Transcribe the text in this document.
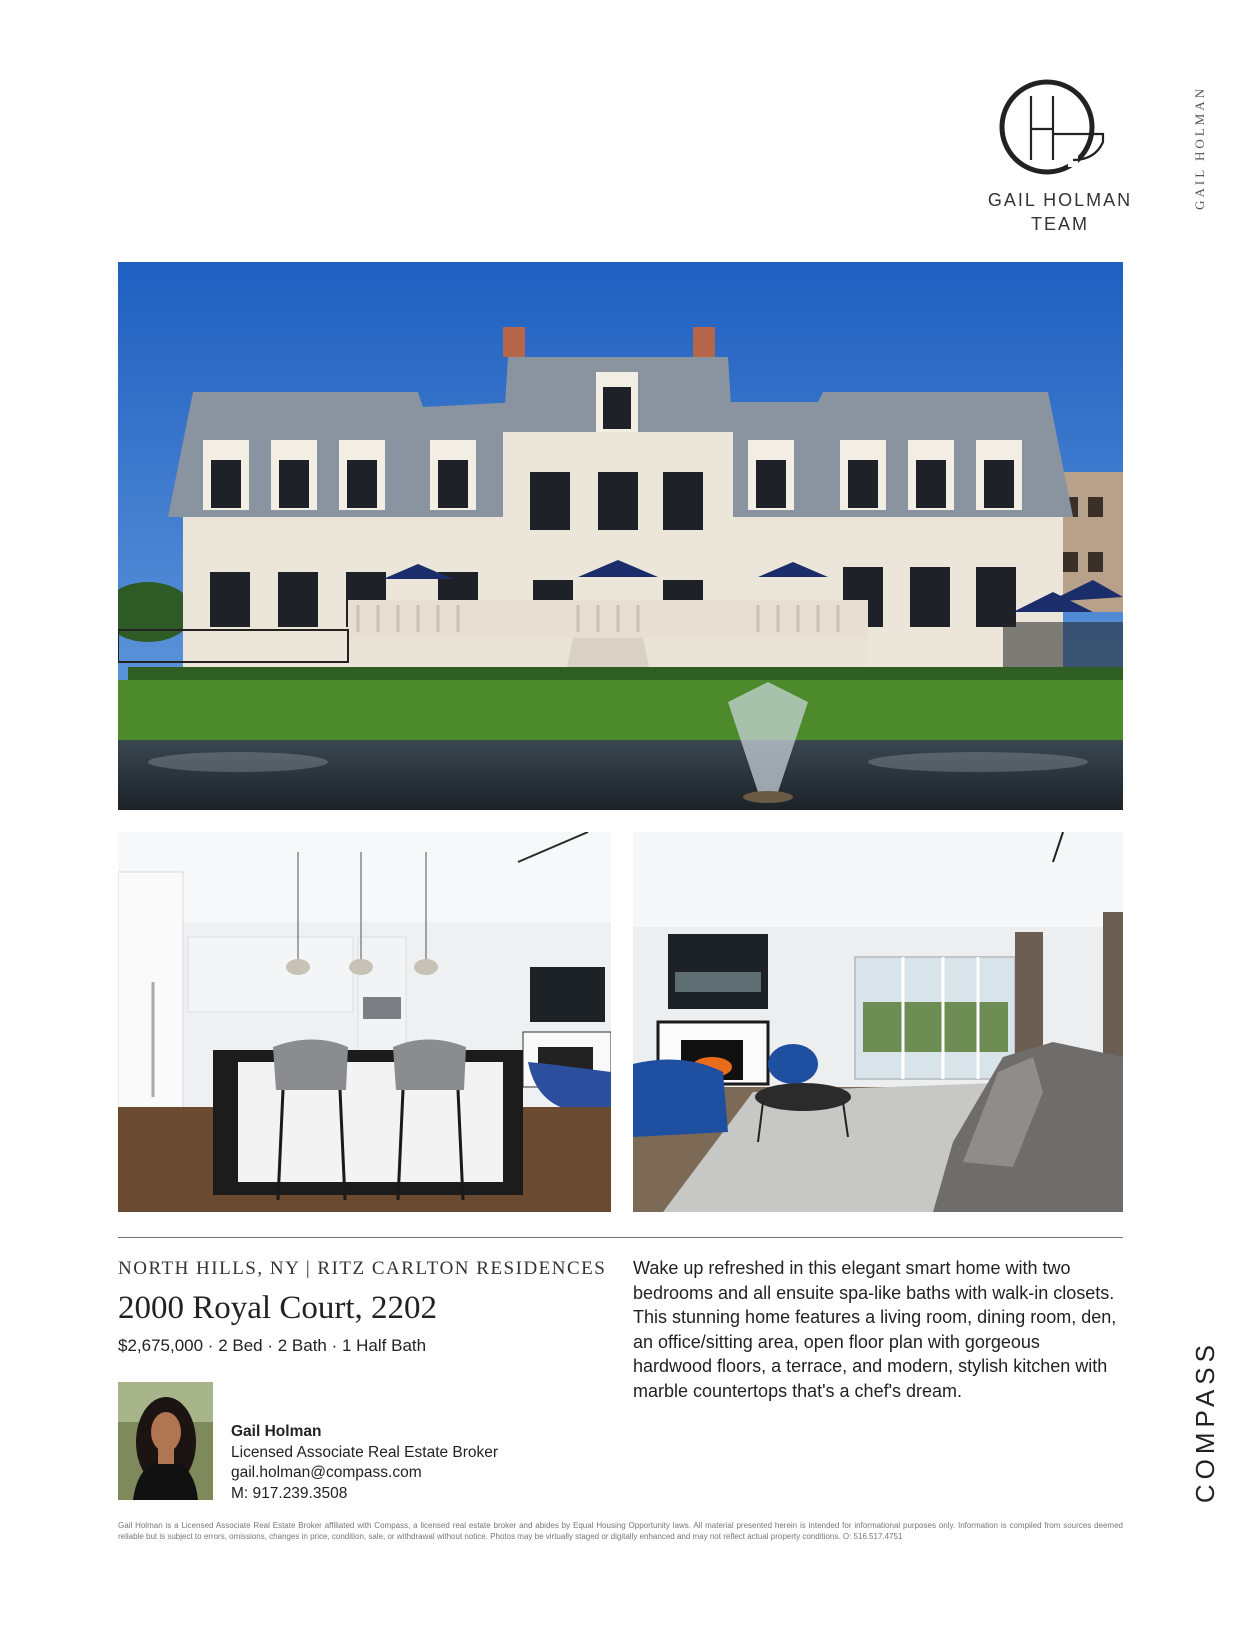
GAIL HOLMAN
TEAM
GAIL HOLMAN
NORTH HILLS, NY | RITZ CARLTON RESIDENCES
2000 Royal Court, 2202
$2,675,000 · 2 Bed · 2 Bath · 1 Half Bath
Wake up refreshed in this elegant smart home with two bedrooms and all ensuite spa-like baths with walk-in closets. This stunning home features a living room, dining room, den, an office/sitting area, open floor plan with gorgeous hardwood floors, a terrace, and modern, stylish kitchen with marble countertops that's a chef's dream.
Gail Holman
Licensed Associate Real Estate Broker
gail.holman@compass.com
M: 917.239.3508	COMPASS
Gail Holman is a Licensed Associate Real Estate Broker affiliated with Compass, a licensed real estate broker and abides by Equal Housing Opportunity laws. All material presented herein is intended for informational purposes only. Information is compiled from sources deemed reliable but is subject to errors, omissions, changes in price, condition, sale, or withdrawal without notice. Photos may be virtually staged or digitally enhanced and may not reflect actual property conditions. O: 516.517.4751
